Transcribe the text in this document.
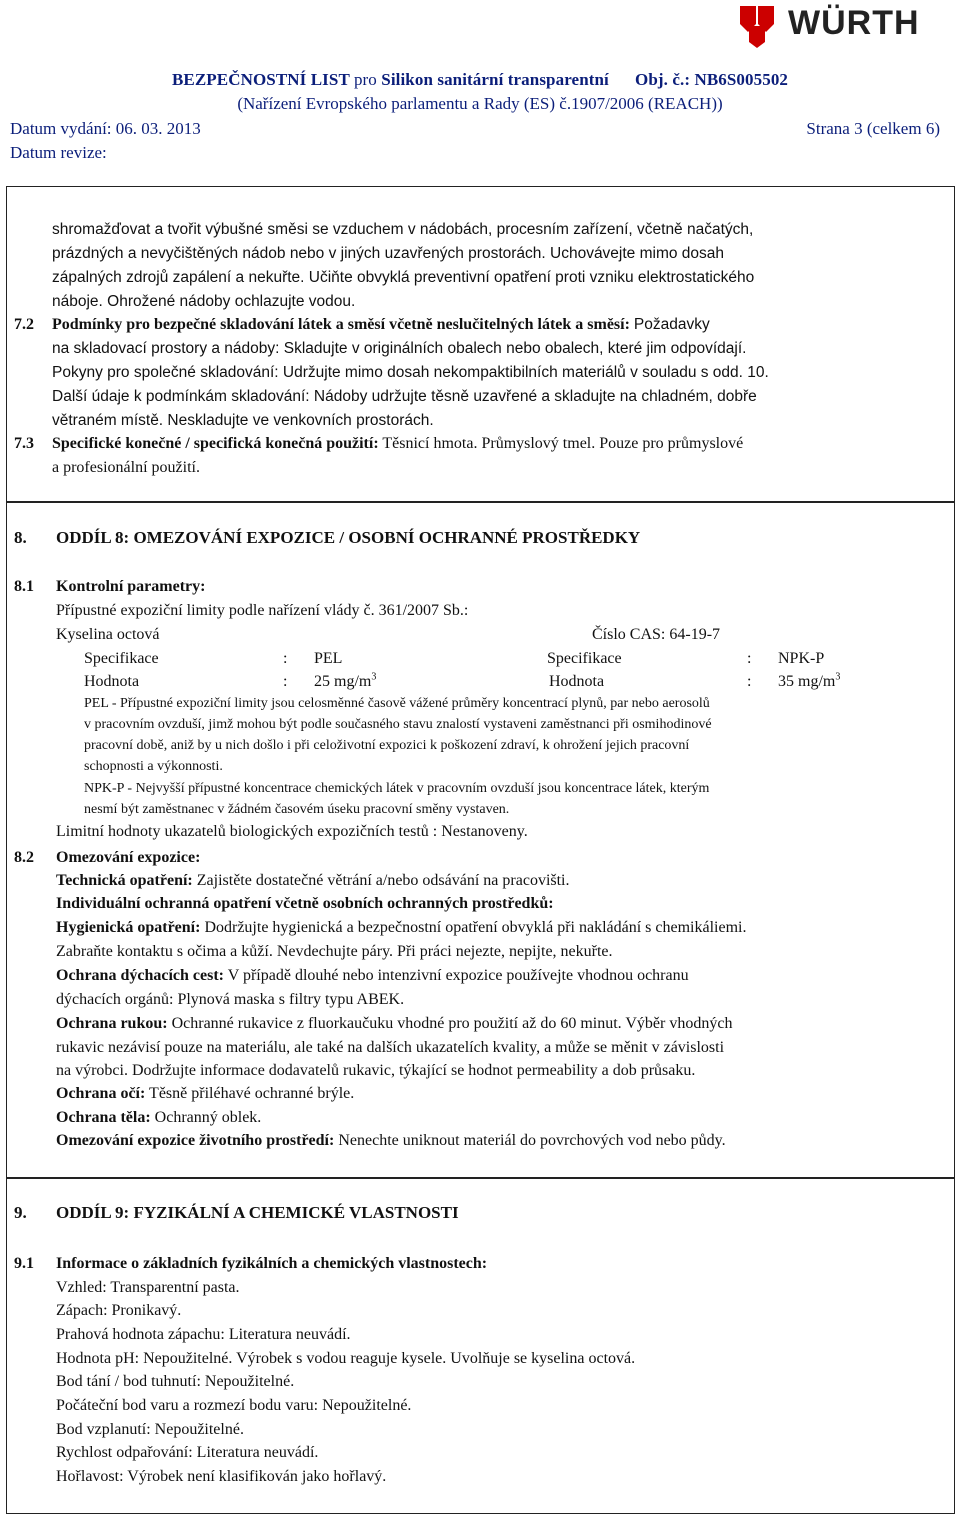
WÜRTH
BEZPEČNOSTNÍ LIST pro Silikon sanitární transparentní Obj. č.: NB6S005502
(Nařízení Evropského parlamentu a Rady (ES) č.1907/2006 (REACH))
Datum vydání: 06. 03. 2013	Strana 3 (celkem 6)
Datum revize:

shromažďovat a tvořit výbušné směsi se vzduchem v nádobách, procesním zařízení, včetně načatých,

prázdných a nevyčištěných nádob nebo v jiných uzavřených prostorách. Uchovávejte mimo dosah

zápalných zdrojů zapálení a nekuřte. Učiňte obvyklá preventivní opatření proti vzniku elektrostatického

náboje. Ohrožené nádoby ochlazujte vodou.

7.2 Podmínky pro bezpečné skladování látek a směsí včetně neslučitelných látek a směsí: Požadavky

na skladovací prostory a nádoby: Skladujte v originálních obalech nebo obalech, které jim odpovídají.

Pokyny pro společné skladování: Udržujte mimo dosah nekompaktibilních materiálů v souladu s odd. 10.

Další údaje k podmínkám skladování: Nádoby udržujte těsně uzavřené a skladujte na chladném, dobře

větraném místě. Neskladujte ve venkovních prostorách.

7.3 Specifické konečné / specifická konečná použití: Těsnicí hmota. Průmyslový tmel. Pouze pro průmyslové

a profesionální použití.

8. ODDÍL 8: OMEZOVÁNÍ EXPOZICE / OSOBNÍ OCHRANNÉ PROSTŘEDKY
8.1 Kontrolní parametry:

Přípustné expoziční limity podle nařízení vlády č. 361/2007 Sb.:

Kyselina octová	Číslo CAS: 64-19-7

Specifikace	: PEL	Specifikace	: NPK-P
Hodnota	: 25 $mg/m^3$	Hodnota	: 35 $mg/m^3$

PEL - Přípustné expoziční limity jsou celosměnné časově vážené průměry koncentrací plynů, par nebo aerosolů

v pracovním ovzduší, jimž mohou být podle současného stavu znalostí vystaveni zaměstnanci při osmihodinové

pracovní době, aniž by u nich došlo i při celoživotní expozici k poškození zdraví, k ohrožení jejich pracovní

schopnosti a výkonnosti.

NPK-P - Nejvyšší přípustné koncentrace chemických látek v pracovním ovzduší jsou koncentrace látek, kterým

nesmí být zaměstnanec v žádném časovém úseku pracovní směny vystaven.

Limitní hodnoty ukazatelů biologických expozičních testů : Nestanoveny.

8.2 Omezování expozice:

Technická opatření: Zajistěte dostatečné větrání a/nebo odsávání na pracovišti.

Individuální ochranná opatření včetně osobních ochranných prostředků:

Hygienická opatření: Dodržujte hygienická a bezpečnostní opatření obvyklá při nakládání s chemikáliemi.

Zabraňte kontaktu s očima a kůží. Nevdechujte páry. Při práci nejezte, nepijte, nekuřte.

Ochrana dýchacích cest: V případě dlouhé nebo intenzivní expozice používejte vhodnou ochranu

dýchacích orgánů: Plynová maska s filtry typu ABEK.

Ochrana rukou: Ochranné rukavice z fluorkaučuku vhodné pro použití až do 60 minut. Výběr vhodných

rukavic nezávisí pouze na materiálu, ale také na dalších ukazatelích kvality, a může se měnit v závislosti

na výrobci. Dodržujte informace dodavatelů rukavic, týkající se hodnot permeability a dob průsaku.

Ochrana očí: Těsně přiléhavé ochranné brýle.

Ochrana těla: Ochranný oblek.

Omezování expozice životního prostředí: Nenechte uniknout materiál do povrchových vod nebo půdy.

9. ODDÍL 9: FYZIKÁLNÍ A CHEMICKÉ VLASTNOSTI
9.1 Informace o základních fyzikálních a chemických vlastnostech:

Vzhled: Transparentní pasta.

Zápach: Pronikavý.

Prahová hodnota zápachu: Literatura neuvádí.

Hodnota pH: Nepoužitelné. Výrobek s vodou reaguje kysele. Uvolňuje se kyselina octová.

Bod tání / bod tuhnutí: Nepoužitelné.

Počáteční bod varu a rozmezí bodu varu: Nepoužitelné.

Bod vzplanutí: Nepoužitelné.

Rychlost odpařování: Literatura neuvádí.

Hořlavost: Výrobek není klasifikován jako hořlavý.
